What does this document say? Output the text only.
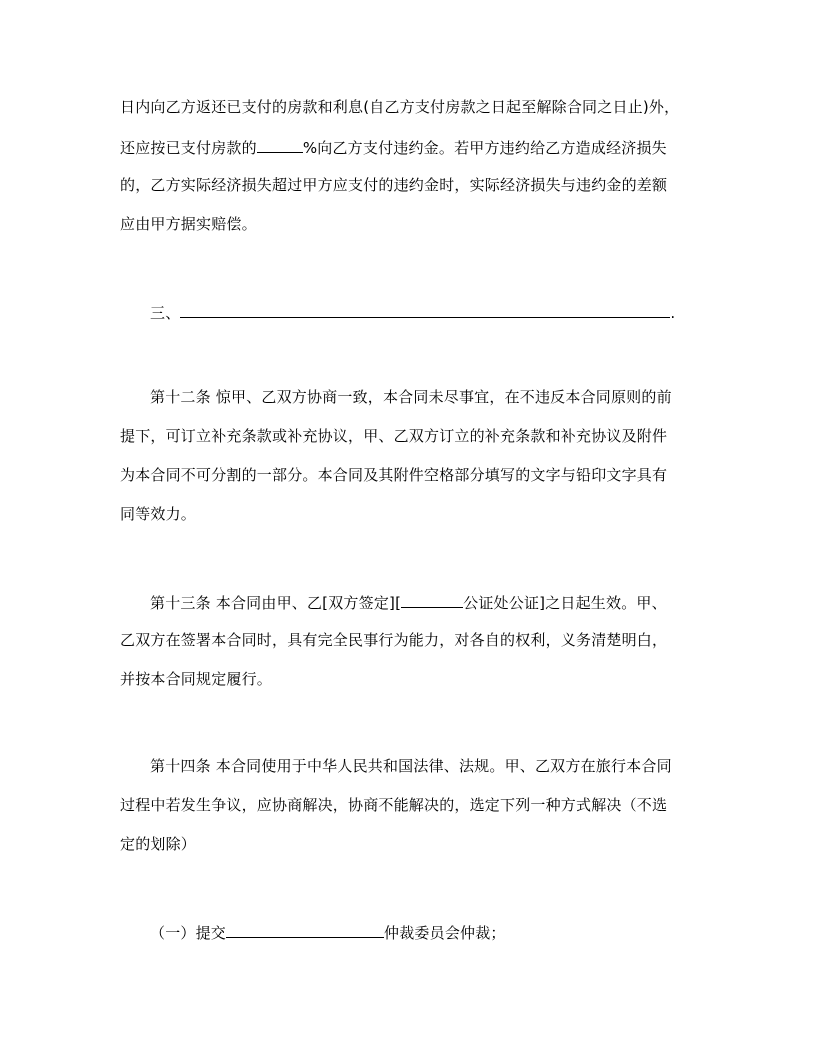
日内向乙方返还已支付的房款和利息(自乙方支付房款之日起至解除合同之日止)外，
还应按已支付房款的	%向乙方支付违约金。若甲方违约给乙方造成经济损失
的，乙方实际经济损失超过甲方应支付的违约金时，实际经济损失与违约金的差额
应由甲方据实赔偿。
三、	.
第十二条 惊甲、乙双方协商一致，本合同未尽事宜，在不违反本合同原则的前
提下，可订立补充条款或补充协议，甲、乙双方订立的补充条款和补充协议及附件
为本合同不可分割的一部分。本合同及其附件空格部分填写的文字与铅印文字具有
同等效力。
第十三条 本合同由甲、乙[双方签定][	公证处公证]之日起生效。甲、
乙双方在签署本合同时，具有完全民事行为能力，对各自的权利，义务清楚明白，
并按本合同规定履行。
第十四条 本合同使用于中华人民共和国法律、法规。甲、乙双方在旅行本合同
过程中若发生争议，应协商解决，协商不能解决的，选定下列一种方式解决（不选
定的划除）
（一）提交	仲裁委员会仲裁；
